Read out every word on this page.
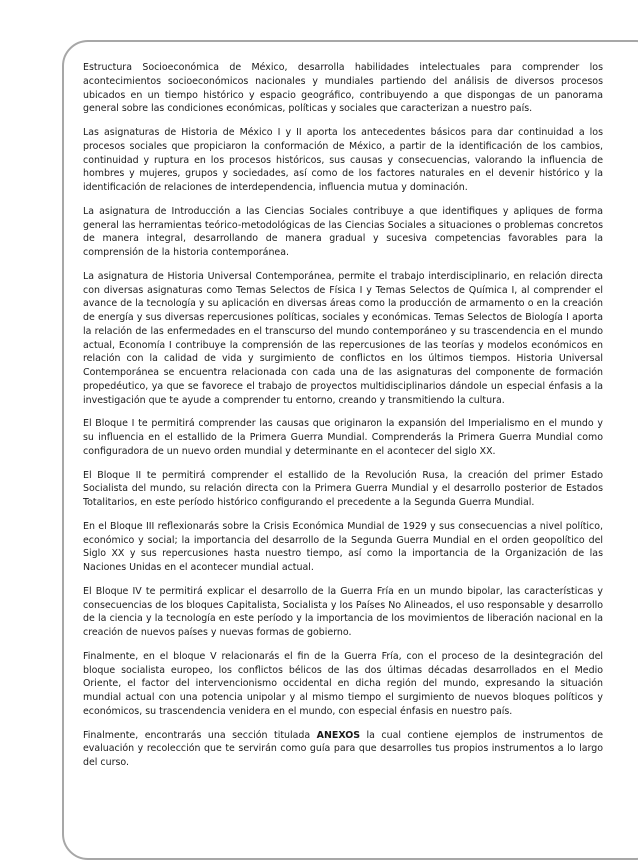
Estructura Socioeconómica de México, desarrolla habilidades intelectuales para comprender los acontecimientos socioeconómicos nacionales y mundiales partiendo del análisis de diversos procesos ubicados en un tiempo histórico y espacio geográfico, contribuyendo a que dispongas de un panorama general sobre las condiciones económicas, políticas y sociales que caracterizan a nuestro país.

Las asignaturas de Historia de México I y II aporta los antecedentes básicos para dar continuidad a los procesos sociales que propiciaron la conformación de México, a partir de la identificación de los cambios, continuidad y ruptura en los procesos históricos, sus causas y consecuencias, valorando la influencia de hombres y mujeres, grupos y sociedades, así como de los factores naturales en el devenir histórico y la identificación de relaciones de interdependencia, influencia mutua y dominación.

La asignatura de Introducción a las Ciencias Sociales contribuye a que identifiques y apliques de forma general las herramientas teórico-metodológicas de las Ciencias Sociales a situaciones o problemas concretos de manera integral, desarrollando de manera gradual y sucesiva competencias favorables para la comprensión de la historia contemporánea.

La asignatura de Historia Universal Contemporánea, permite el trabajo interdisciplinario, en relación directa con diversas asignaturas como Temas Selectos de Física I y Temas Selectos de Química I, al comprender el avance de la tecnología y su aplicación en diversas áreas como la producción de armamento o en la creación de energía y sus diversas repercusiones políticas, sociales y económicas. Temas Selectos de Biología I aporta la relación de las enfermedades en el transcurso del mundo contemporáneo y su trascendencia en el mundo actual, Economía I contribuye la comprensión de las repercusiones de las teorías y modelos económicos en relación con la calidad de vida y surgimiento de conflictos en los últimos tiempos. Historia Universal Contemporánea se encuentra relacionada con cada una de las asignaturas del componente de formación propedéutico, ya que se favorece el trabajo de proyectos multidisciplinarios dándole un especial énfasis a la investigación que te ayude a comprender tu entorno, creando y transmitiendo la cultura.

El Bloque I te permitirá comprender las causas que originaron la expansión del Imperialismo en el mundo y su influencia en el estallido de la Primera Guerra Mundial. Comprenderás la Primera Guerra Mundial como configuradora de un nuevo orden mundial y determinante en el acontecer del siglo XX.

El Bloque II te permitirá comprender el estallido de la Revolución Rusa, la creación del primer Estado Socialista del mundo, su relación directa con la Primera Guerra Mundial y el desarrollo posterior de Estados Totalitarios, en este período histórico configurando el precedente a la Segunda Guerra Mundial.

En el Bloque III reflexionarás sobre la Crisis Económica Mundial de 1929 y sus consecuencias a nivel político, económico y social; la importancia del desarrollo de la Segunda Guerra Mundial en el orden geopolítico del Siglo XX y sus repercusiones hasta nuestro tiempo, así como la importancia de la Organización de las Naciones Unidas en el acontecer mundial actual.

El Bloque IV te permitirá explicar el desarrollo de la Guerra Fría en un mundo bipolar, las características y consecuencias de los bloques Capitalista, Socialista y los Países No Alineados, el uso responsable y desarrollo de la ciencia y la tecnología en este período y la importancia de los movimientos de liberación nacional en la creación de nuevos países y nuevas formas de gobierno.

Finalmente, en el bloque V relacionarás el fin de la Guerra Fría, con el proceso de la desintegración del bloque socialista europeo, los conflictos bélicos de las dos últimas décadas desarrollados en el Medio Oriente, el factor del intervencionismo occidental en dicha región del mundo, expresando la situación mundial actual con una potencia unipolar y al mismo tiempo el surgimiento de nuevos bloques políticos y económicos, su trascendencia venidera en el mundo, con especial énfasis en nuestro país.

Finalmente, encontrarás una sección titulada ANEXOS la cual contiene ejemplos de instrumentos de evaluación y recolección que te servirán como guía para que desarrolles tus propios instrumentos a lo largo del curso.
